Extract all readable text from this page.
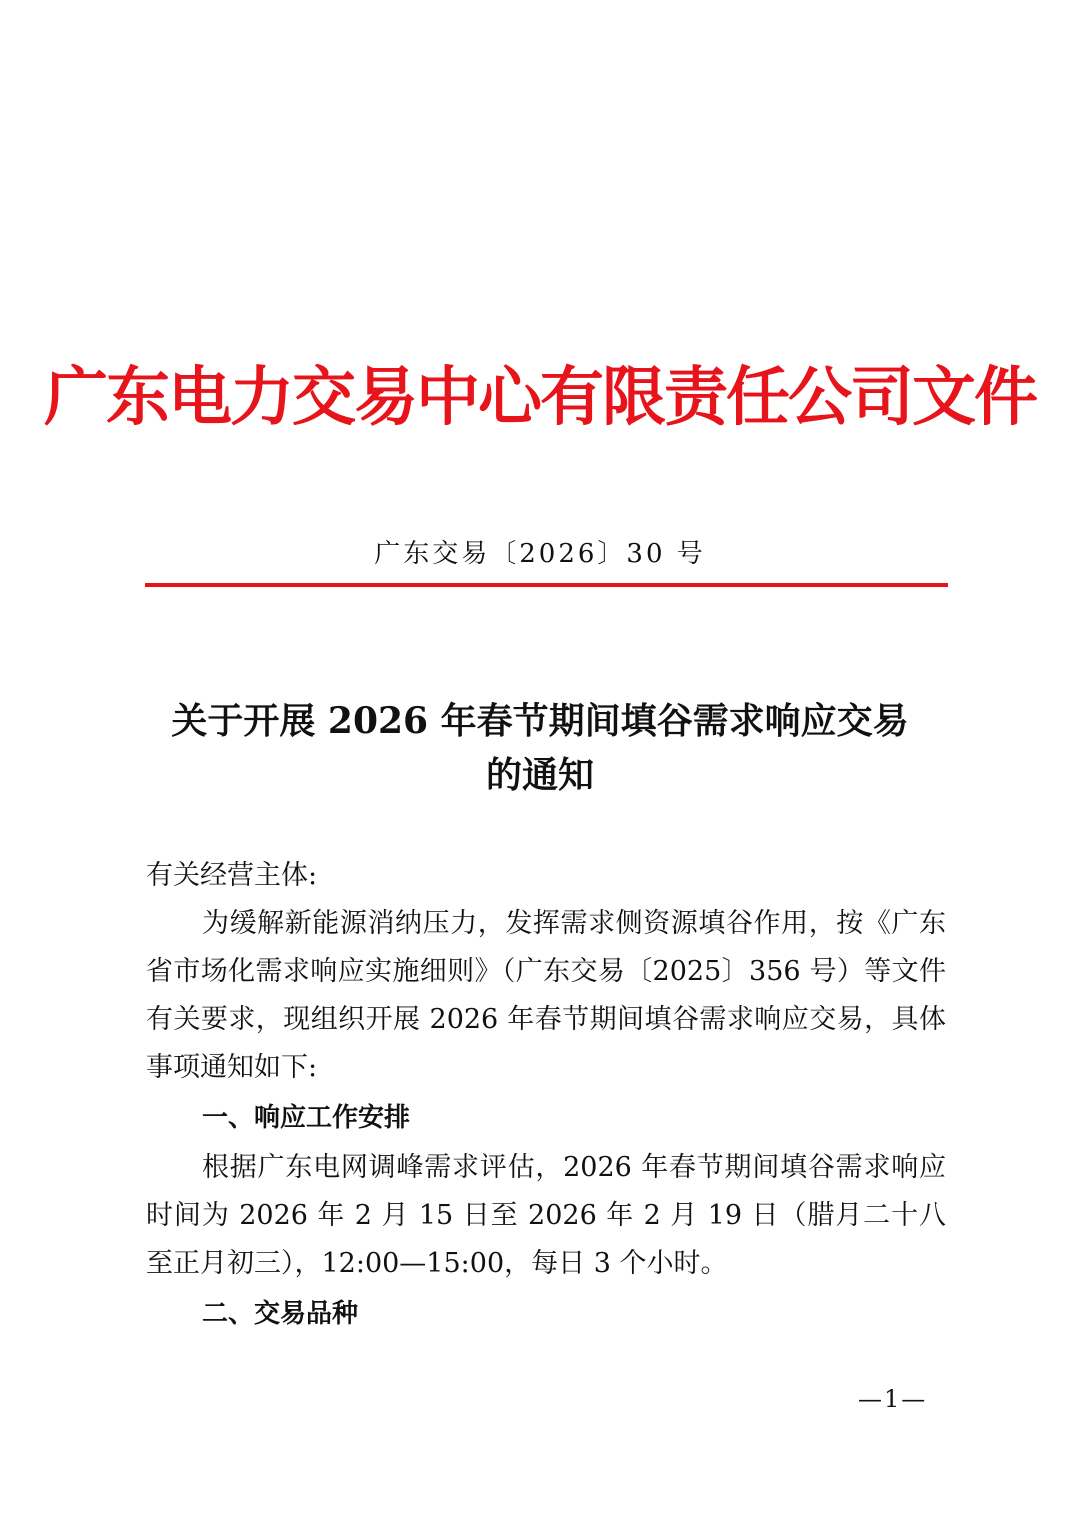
广东电力交易中心有限责任公司文件
广东交易〔2026〕30 号
关于开展 2026 年春节期间填谷需求响应交易
的通知

有关经营主体:

为缓解新能源消纳压力，发挥需求侧资源填谷作用，按《广东省市场化需求响应实施细则》（广东交易〔2025〕356 号）等文件有关要求，现组织开展 2026 年春节期间填谷需求响应交易，具体事项通知如下:

一、响应工作安排

根据广东电网调峰需求评估，2026 年春节期间填谷需求响应时间为 2026 年 2 月 15 日至 2026 年 2 月 19 日（腊月二十八至正月初三），12:00—15:00，每日 3 个小时。

二、交易品种

—1—
